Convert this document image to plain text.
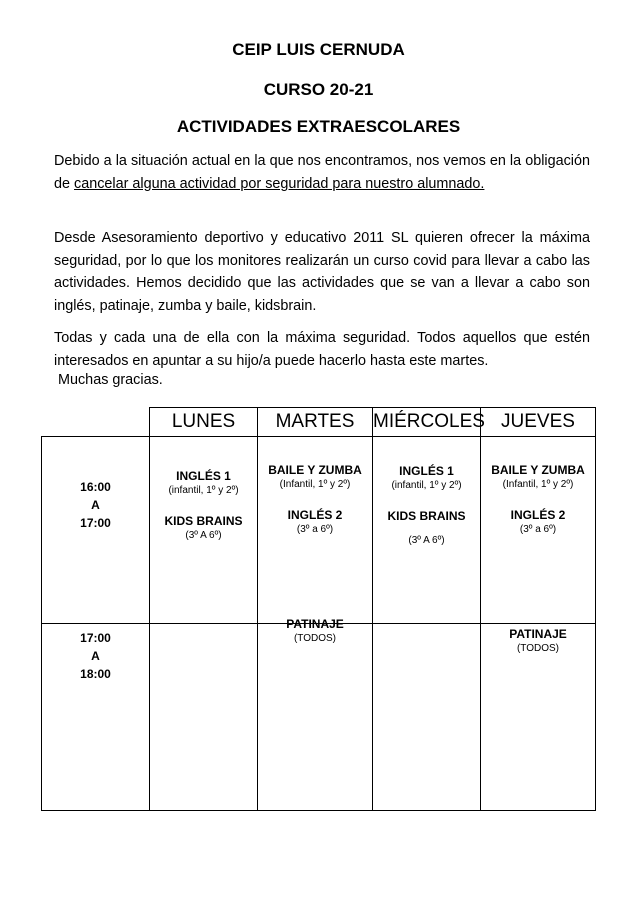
CEIP LUIS CERNUDA
CURSO 20-21
ACTIVIDADES EXTRAESCOLARES

Debido a la situación actual en la que nos encontramos, nos vemos en la obligación de cancelar alguna actividad por seguridad para nuestro alumnado.

Desde Asesoramiento deportivo y educativo 2011 SL quieren ofrecer la máxima seguridad, por lo que los monitores realizarán un curso covid para llevar a cabo las actividades. Hemos decidido que las actividades que se van a llevar a cabo son inglés, patinaje, zumba y baile, kidsbrain.

Todas y cada una de ella con la máxima seguridad. Todos aquellos que estén interesados en apuntar a su hijo/a puede hacerlo hasta este martes.

Muchas gracias.

	LUNES	MARTES	MIÉRCOLES	JUEVES

16:00
A
17:00	INGLÉS 1
(infantil, 1º y 2º)
KIDS BRAINS
(3º A 6º)	BAILE Y ZUMBA
(Infantil, 1º y 2º)
INGLÉS 2
(3º a 6º)	INGLÉS 1
(infantil, 1º y 2º)
KIDS BRAINS
(3º A 6º)	BAILE Y ZUMBA
(Infantil, 1º y 2º)
INGLÉS 2
(3º a 6º)

17:00
A
18:00		PATINAJE
(TODOS)		PATINAJE
(TODOS)
